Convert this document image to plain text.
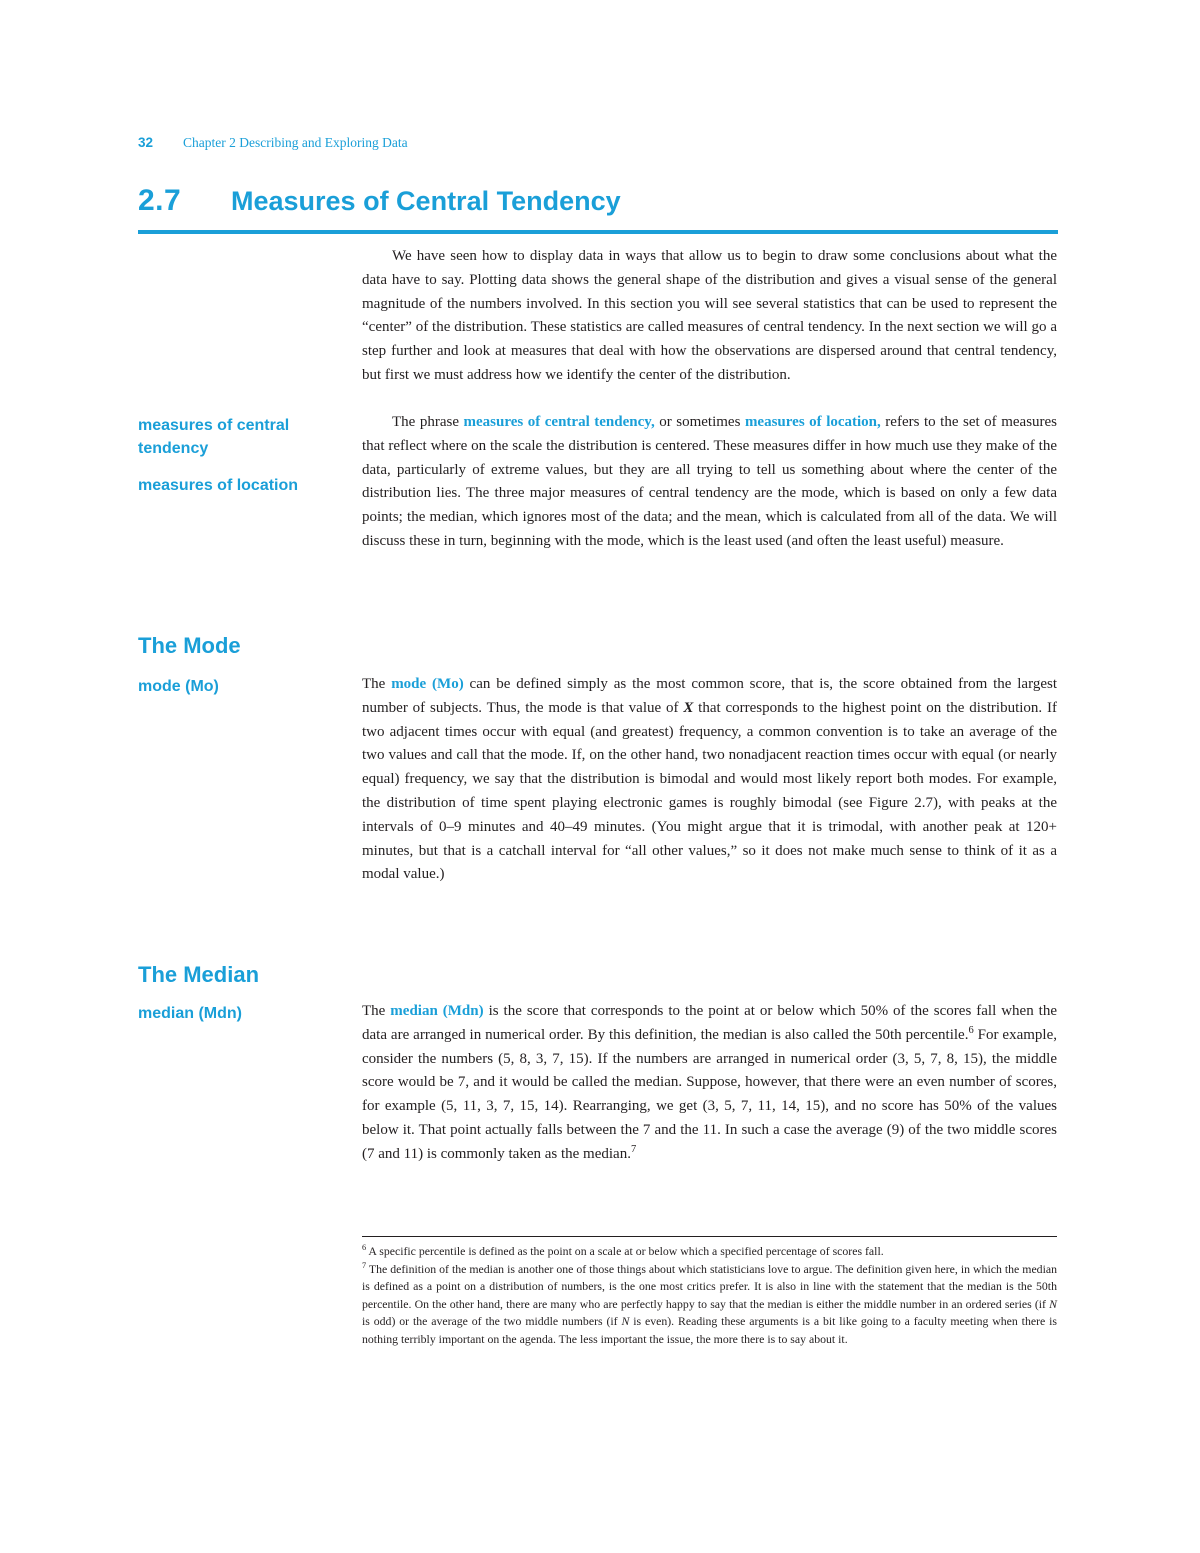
32 Chapter 2 Describing and Exploring Data
2.7 Measures of Central Tendency

We have seen how to display data in ways that allow us to begin to draw some conclusions about what the data have to say. Plotting data shows the general shape of the distribution and gives a visual sense of the general magnitude of the numbers involved. In this section you will see several statistics that can be used to represent the “center” of the distribution. These statistics are called measures of central tendency. In the next section we will go a step further and look at measures that deal with how the observations are dispersed around that central tendency, but first we must address how we identify the center of the distribution.

measures of central tendency
measures of location

The phrase measures of central tendency, or sometimes measures of location, refers to the set of measures that reflect where on the scale the distribution is centered. These measures differ in how much use they make of the data, particularly of extreme values, but they are all trying to tell us something about where the center of the distribution lies. The three major measures of central tendency are the mode, which is based on only a few data points; the median, which ignores most of the data; and the mean, which is calculated from all of the data. We will discuss these in turn, beginning with the mode, which is the least used (and often the least useful) measure.

The Mode
mode (Mo)	The mode (Mo) can be defined simply as the most common score, that is, the score obtained from the largest number of subjects. Thus, the mode is that value of X that corresponds to the highest point on the distribution. If two adjacent times occur with equal (and greatest) frequency, a common convention is to take an average of the two values and call that the mode. If, on the other hand, two nonadjacent reaction times occur with equal (or nearly equal) frequency, we say that the distribution is bimodal and would most likely report both modes. For example, the distribution of time spent playing electronic games is roughly bimodal (see Figure 2.7), with peaks at the intervals of 0–9 minutes and 40–49 minutes. (You might argue that it is trimodal, with another peak at 120+ minutes, but that is a catchall interval for “all other values,” so it does not make much sense to think of it as a modal value.)

The Median
median (Mdn)	The median (Mdn) is the score that corresponds to the point at or below which 50% of the scores fall when the data are arranged in numerical order. By this definition, the median is also called the 50th percentile.$^6$ For example, consider the numbers (5, 8, 3, 7, 15). If the numbers are arranged in numerical order (3, 5, 7, 8, 15), the middle score would be 7, and it would be called the median. Suppose, however, that there were an even number of scores, for example (5, 11, 3, 7, 15, 14). Rearranging, we get (3, 5, 7, 11, 14, 15), and no score has 50% of the values below it. That point actually falls between the 7 and the 11. In such a case the average (9) of the two middle scores (7 and 11) is commonly taken as the median.$^7$

$^6$ A specific percentile is defined as the point on a scale at or below which a specified percentage of scores fall.

$^7$ The definition of the median is another one of those things about which statisticians love to argue. The definition given here, in which the median is defined as a point on a distribution of numbers, is the one most critics prefer. It is also in line with the statement that the median is the 50th percentile. On the other hand, there are many who are perfectly happy to say that the median is either the middle number in an ordered series (if N is odd) or the average of the two middle numbers (if N is even). Reading these arguments is a bit like going to a faculty meeting when there is nothing terribly important on the agenda. The less important the issue, the more there is to say about it.
